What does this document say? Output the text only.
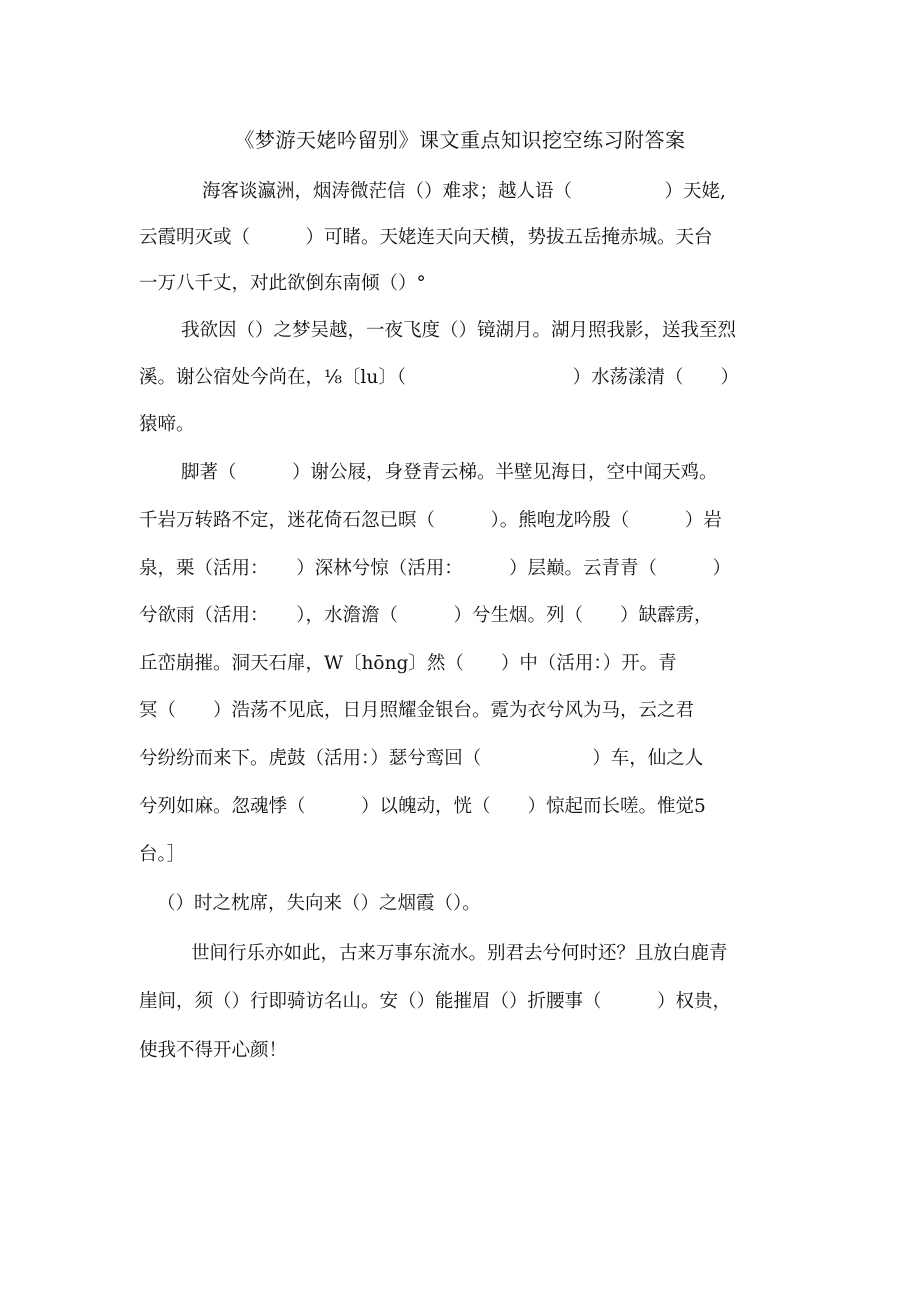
《梦游天姥吟留别》课文重点知识挖空练习附答案
海客谈瀛洲，烟涛微茫信（）难求；越人语（　　　　　）天姥,
云霞明灭或（　　　）可睹。天姥连天向天横，势拔五岳掩赤城。天台
一万八千丈，对此欲倒东南倾（）°
我欲因（）之梦吴越，一夜飞度（）镜湖月。湖月照我影，送我至烈
溪。谢公宿处今尚在，⅛〔lu〕（　　　　　　　　　）水荡漾清（　　）
猿啼。
脚著（　　　）谢公屐，身登青云梯。半壁见海日，空中闻天鸡。
千岩万转路不定，迷花倚石忽已暝（　　　）。熊咆龙吟殷（　　　）岩
泉，栗（活用：　　）深林兮惊（活用：　　　）层巅。云青青（　　　）
兮欲雨（活用：　　），水澹澹（　　　）兮生烟。列（　　）缺霹雳，
丘峦崩摧。洞天石扉，W〔hōng〕然（　　）中（活用：）开。青
冥（　　）浩荡不见底，日月照耀金银台。霓为衣兮风为马，云之君
兮纷纷而来下。虎鼓（活用：）瑟兮鸾回（　　　　　　）车，仙之人
兮列如麻。忽魂悸（　　　）以魄动，恍（　　）惊起而长嗟。惟觉5
台。］
（）时之枕席，失向来（）之烟霞（）。
世间行乐亦如此，古来万事东流水。别君去兮何时还？且放白鹿青
崖间，须（）行即骑访名山。安（）能摧眉（）折腰事（　　　）权贵，
使我不得开心颜！
